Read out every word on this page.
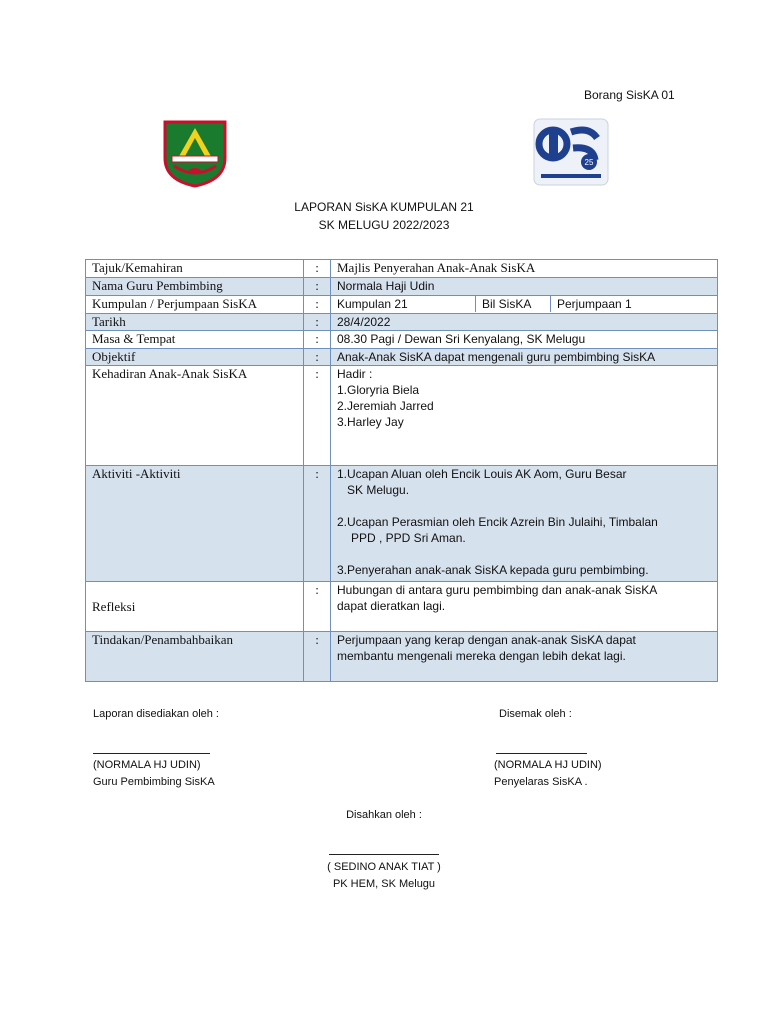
Borang SisKA 01
25
LAPORAN SisKA KUMPULAN 21
SK MELUGU 2022/2023
Tajuk/Kemahiran	:	Majlis Penyerahan Anak-Anak SisKA
Nama Guru Pembimbing	:	Normala Haji Udin
Kumpulan / Perjumpaan SisKA	:	Kumpulan 21 Bil SisKA Perjumpaan 1

Tarikh	:	28/4/2022
Masa & Tempat	:	08.30 Pagi / Dewan Sri Kenyalang, SK Melugu
Objektif	:	Anak-Anak SisKA dapat mengenali guru pembimbing SisKA
Kehadiran Anak-Anak SisKA	:	Hadir :
1.Gloryria Biela
2.Jeremiah Jarred
3.Harley Jay

Aktiviti -Aktiviti	:	1.Ucapan Aluan oleh Encik Louis AK Aom, Guru Besar
SK Melugu.

2.Ucapan Perasmian oleh Encik Azrein Bin Julaihi, Timbalan
PPD , PPD Sri Aman.

3.Penyerahan anak-anak SisKA kepada guru pembimbing.

Refleksi	:	Hubungan di antara guru pembimbing dan anak-anak SisKA
dapat dieratkan lagi.

Tindakan/Penambahbaikan	:	Perjumpaan yang kerap dengan anak-anak SisKA dapat
membantu mengenali mereka dengan lebih dekat lagi.
Laporan disediakan oleh :
(NORMALA HJ UDIN)
Guru Pembimbing SisKA
Disemak oleh :
(NORMALA HJ UDIN)
Penyelaras SisKA .
Disahkan oleh :
( SEDINO ANAK TIAT )
PK HEM, SK Melugu
